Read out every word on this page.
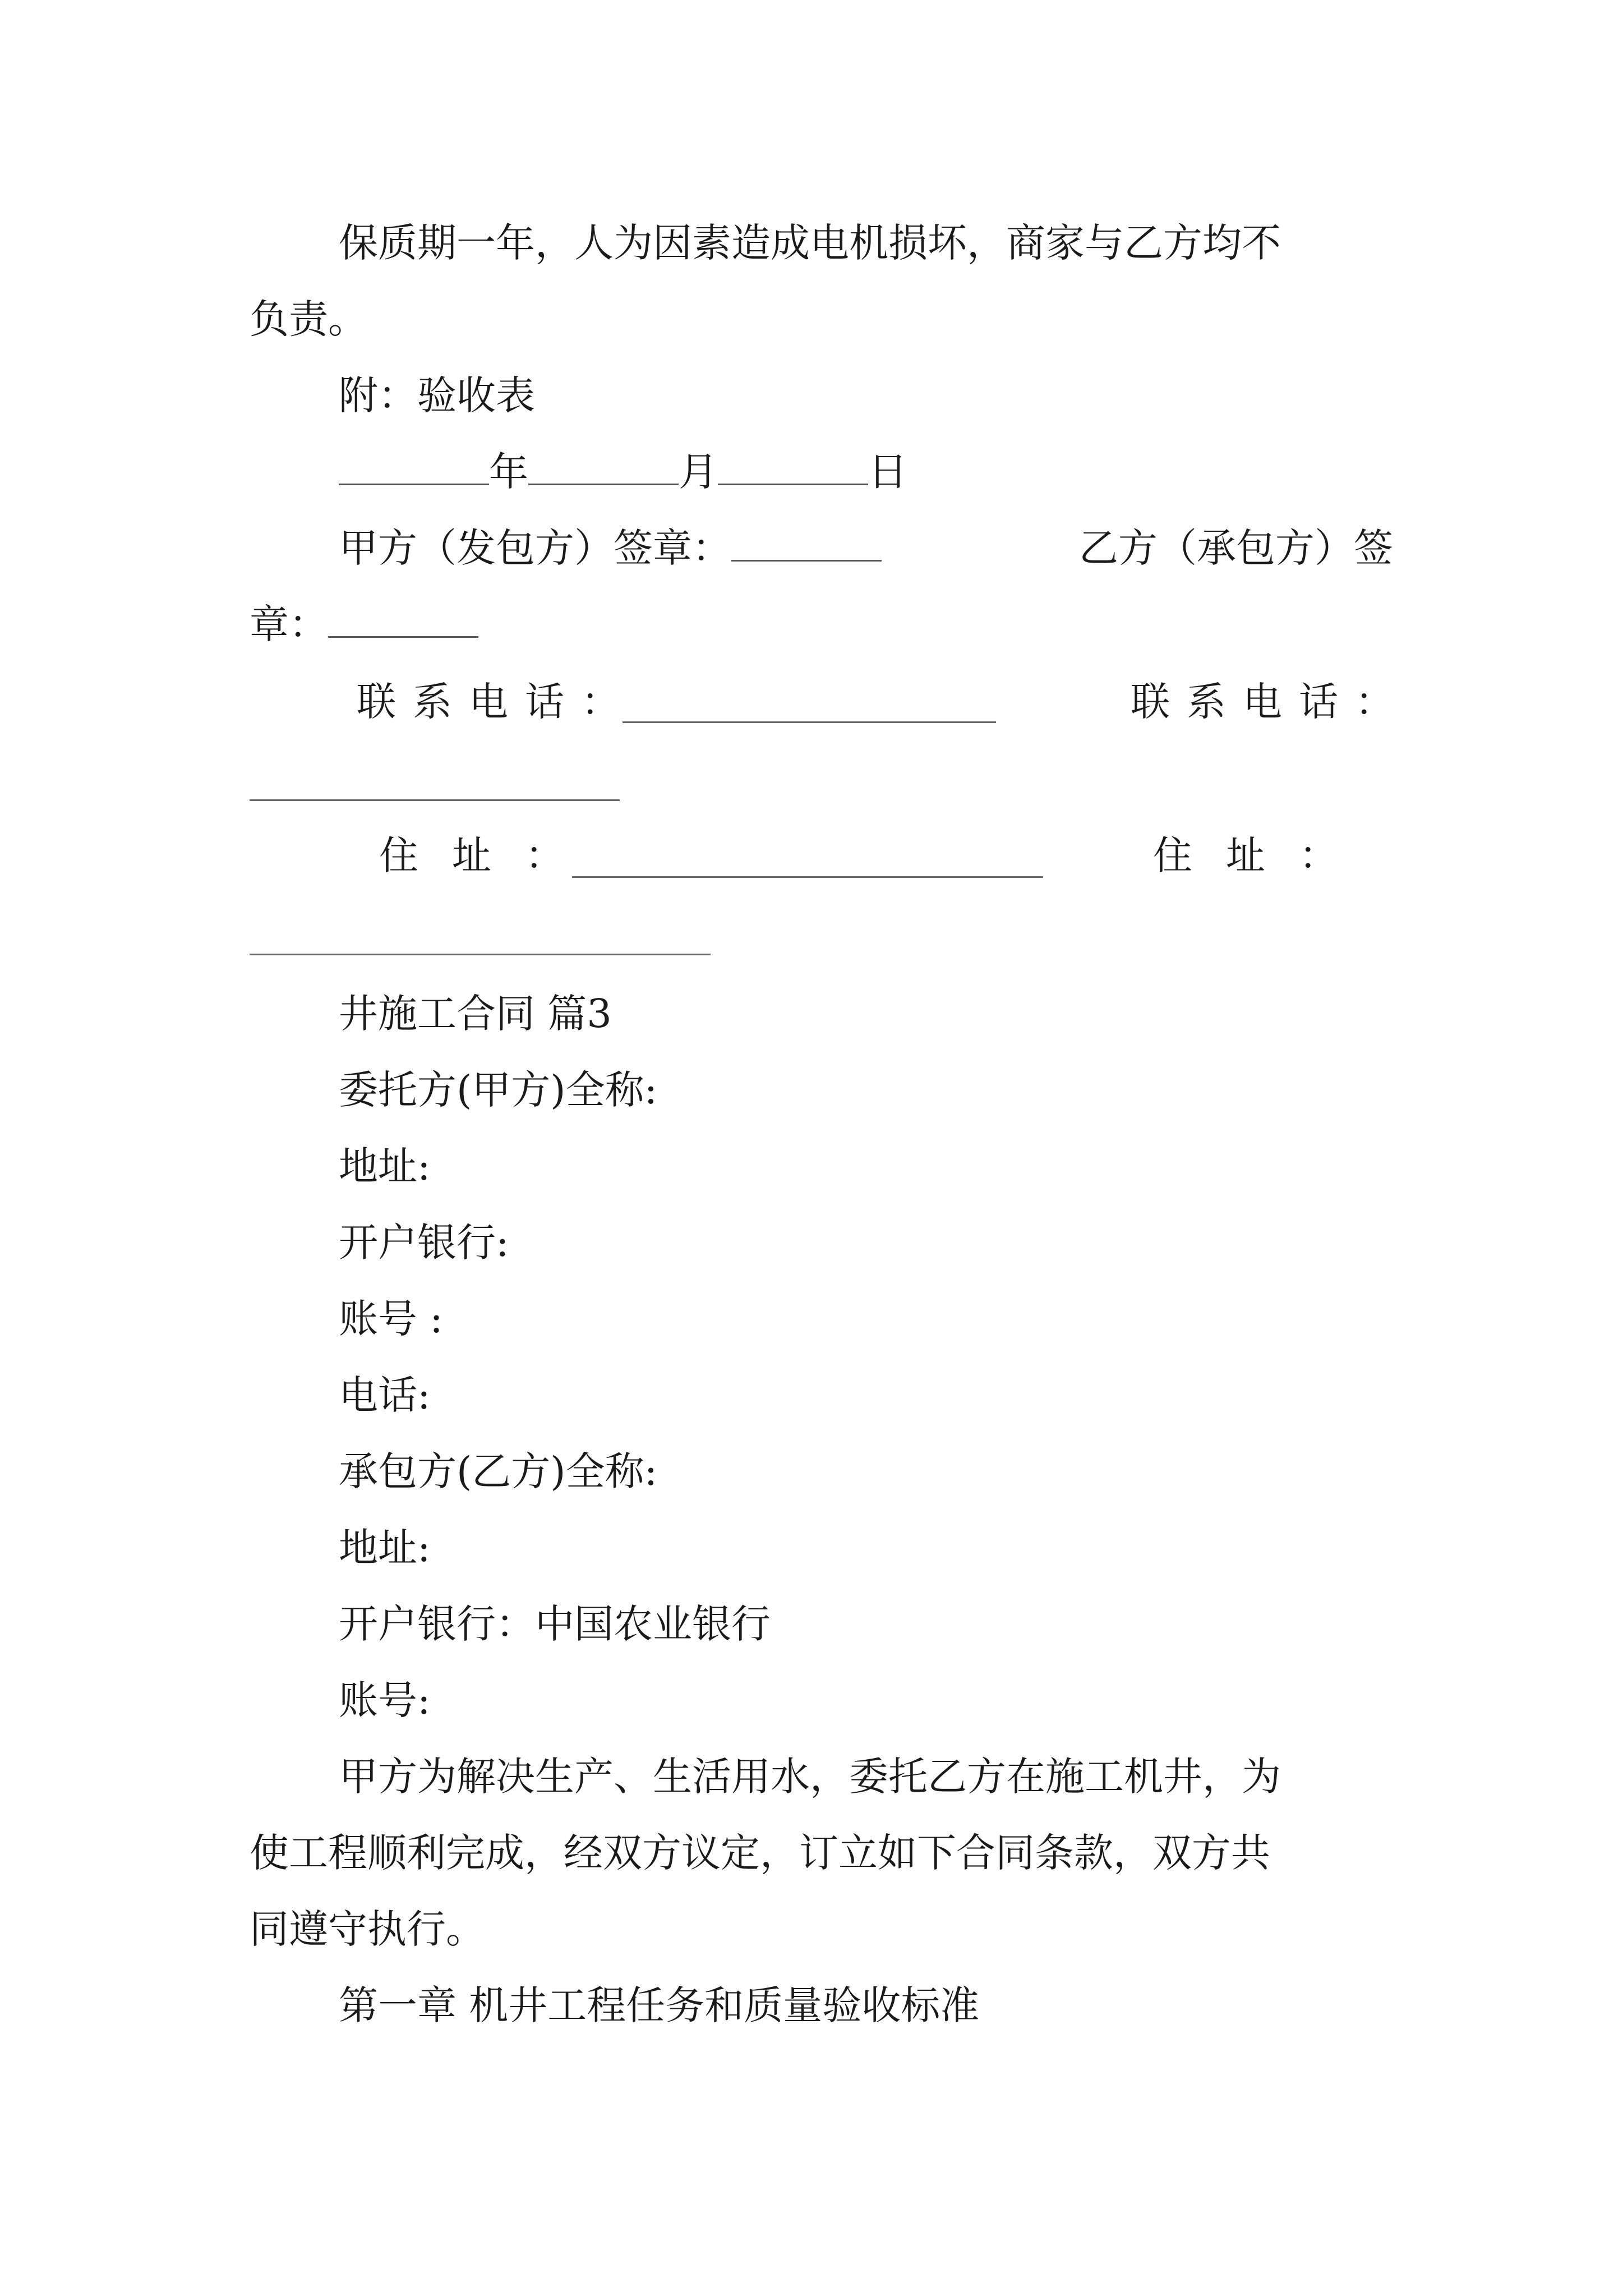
保质期一年，人为因素造成电机损坏，商家与乙方均不
负责。
附：验收表
年	月	日
甲方（发包方）签章：	乙方（承包方）签
章：
联系电话：	联系电话：
住址：	住址：
井施工合同 篇3
委托方(甲方)全称:
地址:
开户银行:
账号 :
电话:
承包方(乙方)全称:
地址:
开户银行：中国农业银行
账号:
甲方为解决生产、生活用水，委托乙方在施工机井，为
使工程顺利完成，经双方议定，订立如下合同条款，双方共
同遵守执行。
第一章 机井工程任务和质量验收标准
